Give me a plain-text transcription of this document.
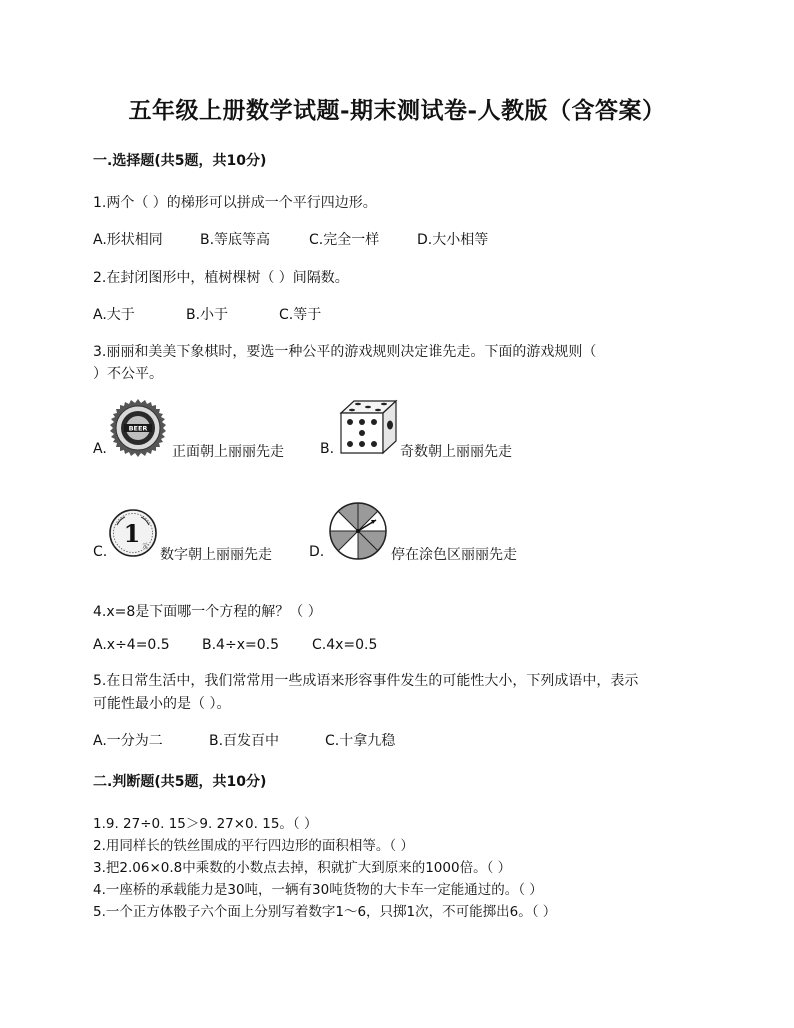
五年级上册数学试题-期末测试卷-人教版（含答案）
一.选择题(共5题，共10分)
1.两个（ ）的梯形可以拼成一个平行四边形。
A.形状相同	B.等底等高	C.完全一样	D.大小相等
2.在封闭图形中，植树棵树（ ）间隔数。
A.大于	B.小于	C.等于
3.丽丽和美美下象棋时，要选一种公平的游戏规则决定谁先走。下面的游戏规则（
）不公平。
A.
BEER
正面朝上丽丽先走	B.	奇数朝上丽丽先走
C.
1 元
数字朝上丽丽先走	D.	停在涂色区丽丽先走
4.x=8是下面哪一个方程的解？（ ）
A.x÷4=0.5 B.4÷x=0.5 C.4x=0.5
5.在日常生活中，我们常常用一些成语来形容事件发生的可能性大小，下列成语中，表示
可能性最小的是（ ）。
A.一分为二	B.百发百中	C.十拿九稳
二.判断题(共5题，共10分)
1.9. 27÷0. 15＞9. 27×0. 15。（ ）
2.用同样长的铁丝围成的平行四边形的面积相等。（ ）
3.把2.06×0.8中乘数的小数点去掉，积就扩大到原来的1000倍。（ ）
4.一座桥的承载能力是30吨，一辆有30吨货物的大卡车一定能通过的。（ ）
5.一个正方体骰子六个面上分别写着数字1～6，只掷1次，不可能掷出6。（ ）
